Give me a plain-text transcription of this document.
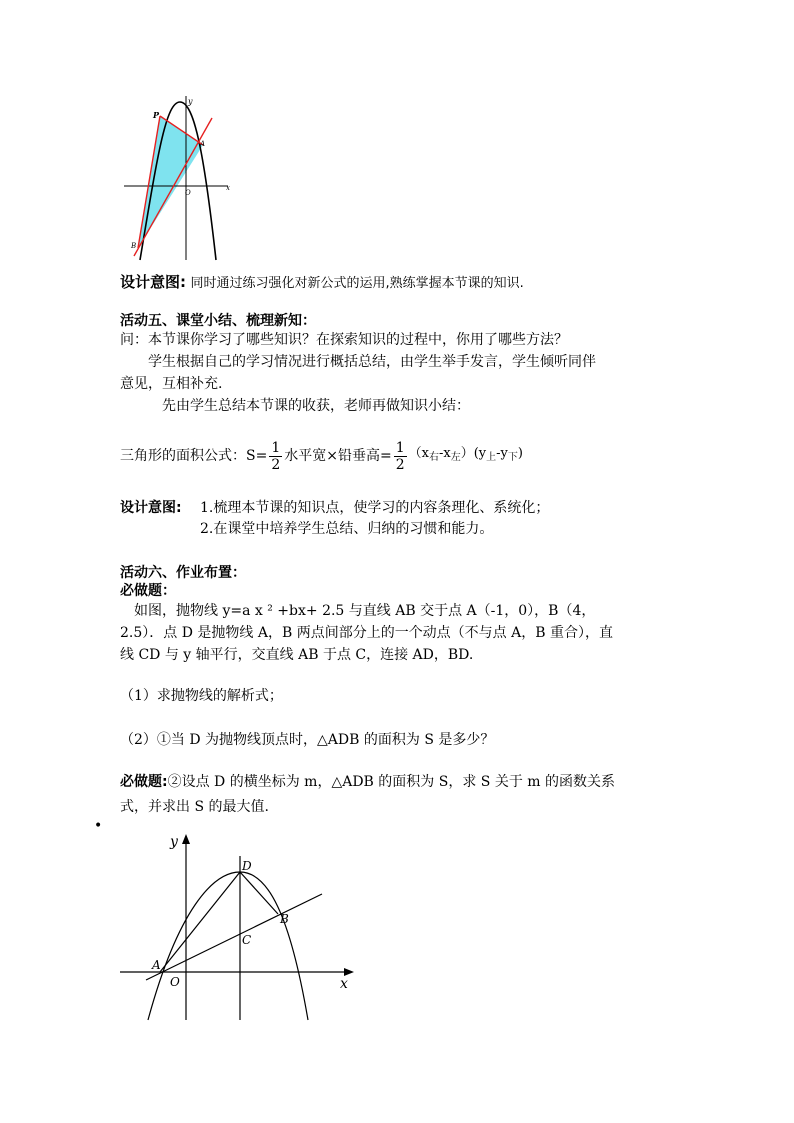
y
P
A
O
x
B
设计意图: 同时通过练习强化对新公式的运用,熟练掌握本节课的知识.
活动五、课堂小结、梳理新知：
问：本节课你学习了哪些知识？在探索知识的过程中，你用了哪些方法？
学生根据自己的学习情况进行概括总结，由学生举手发言，学生倾听同伴
意见，互相补充.
先由学生总结本节课的收获，老师再做知识小结：
三角形的面积公式：$S= \frac{1}{2}$ 水平宽×铅垂高= $\frac{1}{2} (x_右-x_左)(y_上-y_下)$
设计意图: 1.梳理本节课的知识点，使学习的内容条理化、系统化；
2.在课堂中培养学生总结、归纳的习惯和能力。
活动六、作业布置：
必做题：
如图，抛物线 y=a x ² +bx+ 2.5 与直线 AB 交于点 A（-1，0），B（4，
2.5）．点 D 是抛物线 A，B 两点间部分上的一个动点（不与点 A，B 重合），直
线 CD 与 y 轴平行，交直线 AB 于点 C，连接 AD，BD.
（1）求抛物线的解析式；
（2）①当 D 为抛物线顶点时，△ADB 的面积为 S 是多少？
必做题:②设点 D 的横坐标为 m，△ADB 的面积为 S，求 S 关于 m 的函数关系
式，并求出 S 的最大值.
•
y
D
B
C
A
O	x
